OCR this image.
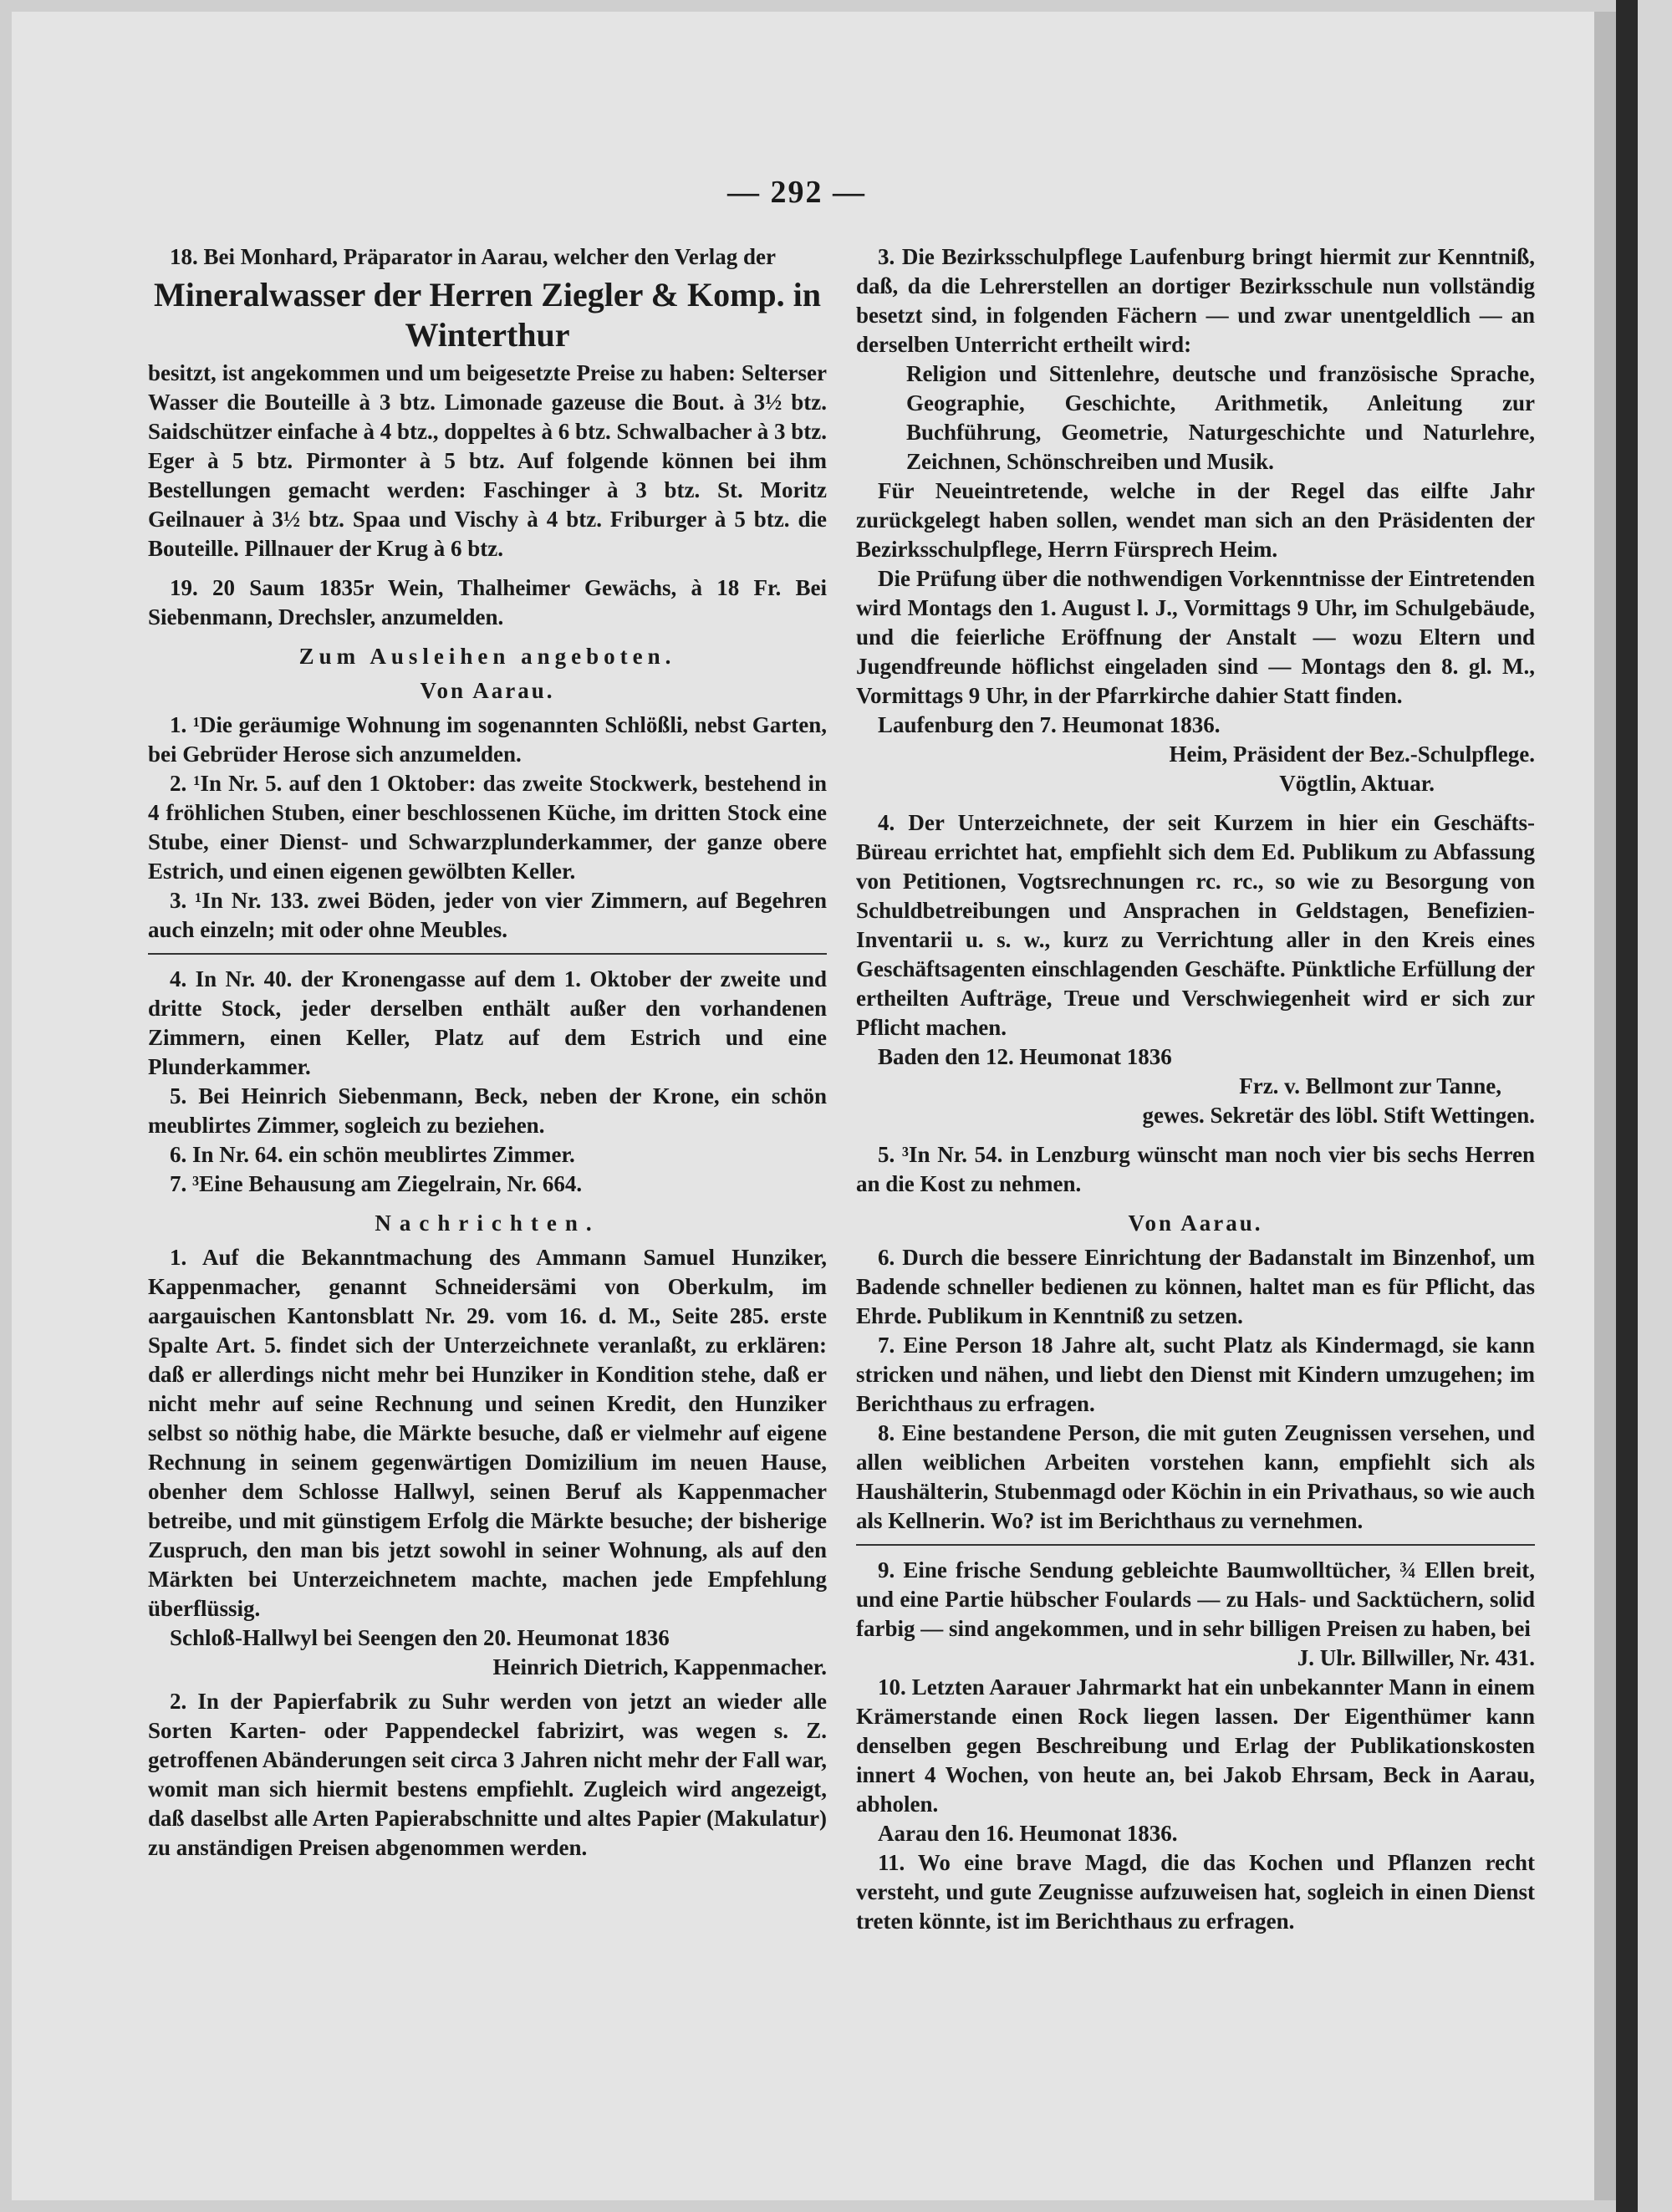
— 292 —

18. Bei Monhard, Präparator in Aarau, welcher den Verlag der

Mineralwasser der Herren Ziegler & Komp. in Winterthur

besitzt, ist angekommen und um beigesetzte Preise zu haben: Selterser Wasser die Bouteille à 3 btz. Limonade gazeuse die Bout. à 3½ btz. Saidschützer einfache à 4 btz., doppeltes à 6 btz. Schwalbacher à 3 btz. Eger à 5 btz. Pirmonter à 5 btz. Auf folgende können bei ihm Bestellungen gemacht werden: Faschinger à 3 btz. St. Moritz Geilnauer à 3½ btz. Spaa und Vischy à 4 btz. Friburger à 5 btz. die Bouteille. Pillnauer der Krug à 6 btz.

19. 20 Saum 1835r Wein, Thalheimer Gewächs, à 18 Fr. Bei Siebenmann, Drechsler, anzumelden.

Zum Ausleihen angeboten.

Von Aarau.

1. ¹Die geräumige Wohnung im sogenannten Schlößli, nebst Garten, bei Gebrüder Herose sich anzumelden.

2. ¹In Nr. 5. auf den 1 Oktober: das zweite Stockwerk, bestehend in 4 fröhlichen Stuben, einer beschlossenen Küche, im dritten Stock eine Stube, einer Dienst- und Schwarzplunderkammer, der ganze obere Estrich, und einen eigenen gewölbten Keller.

3. ¹In Nr. 133. zwei Böden, jeder von vier Zimmern, auf Begehren auch einzeln; mit oder ohne Meubles.

4. In Nr. 40. der Kronengasse auf dem 1. Oktober der zweite und dritte Stock, jeder derselben enthält außer den vorhandenen Zimmern, einen Keller, Platz auf dem Estrich und eine Plunderkammer.

5. Bei Heinrich Siebenmann, Beck, neben der Krone, ein schön meublirtes Zimmer, sogleich zu beziehen.

6. In Nr. 64. ein schön meublirtes Zimmer.

7. ³Eine Behausung am Ziegelrain, Nr. 664.

Nachrichten.

1. Auf die Bekanntmachung des Ammann Samuel Hunziker, Kappenmacher, genannt Schneidersämi von Oberkulm, im aargauischen Kantonsblatt Nr. 29. vom 16. d. M., Seite 285. erste Spalte Art. 5. findet sich der Unterzeichnete veranlaßt, zu erklären: daß er allerdings nicht mehr bei Hunziker in Kondition stehe, daß er nicht mehr auf seine Rechnung und seinen Kredit, den Hunziker selbst so nöthig habe, die Märkte besuche, daß er vielmehr auf eigene Rechnung in seinem gegenwärtigen Domizilium im neuen Hause, obenher dem Schlosse Hallwyl, seinen Beruf als Kappenmacher betreibe, und mit günstigem Erfolg die Märkte besuche; der bisherige Zuspruch, den man bis jetzt sowohl in seiner Wohnung, als auf den Märkten bei Unterzeichnetem machte, machen jede Empfehlung überflüssig.

Schloß-Hallwyl bei Seengen den 20. Heumonat 1836

Heinrich Dietrich, Kappenmacher.

2. In der Papierfabrik zu Suhr werden von jetzt an wieder alle Sorten Karten- oder Pappendeckel fabrizirt, was wegen s. Z. getroffenen Abänderungen seit circa 3 Jahren nicht mehr der Fall war, womit man sich hiermit bestens empfiehlt. Zugleich wird angezeigt, daß daselbst alle Arten Papierabschnitte und altes Papier (Makulatur) zu anständigen Preisen abgenommen werden.

3. Die Bezirksschulpflege Laufenburg bringt hiermit zur Kenntniß, daß, da die Lehrerstellen an dortiger Bezirksschule nun vollständig besetzt sind, in folgenden Fächern — und zwar unentgeldlich — an derselben Unterricht ertheilt wird:

Religion und Sittenlehre, deutsche und französische Sprache, Geographie, Geschichte, Arithmetik, Anleitung zur Buchführung, Geometrie, Naturgeschichte und Naturlehre, Zeichnen, Schönschreiben und Musik.

Für Neueintretende, welche in der Regel das eilfte Jahr zurückgelegt haben sollen, wendet man sich an den Präsidenten der Bezirksschulpflege, Herrn Fürsprech Heim.

Die Prüfung über die nothwendigen Vorkenntnisse der Eintretenden wird Montags den 1. August l. J., Vormittags 9 Uhr, im Schulgebäude, und die feierliche Eröffnung der Anstalt — wozu Eltern und Jugendfreunde höflichst eingeladen sind — Montags den 8. gl. M., Vormittags 9 Uhr, in der Pfarrkirche dahier Statt finden.

Laufenburg den 7. Heumonat 1836.

Heim, Präsident der Bez.-Schulpflege.

Vögtlin, Aktuar.

4. Der Unterzeichnete, der seit Kurzem in hier ein Geschäfts-Büreau errichtet hat, empfiehlt sich dem Ed. Publikum zu Abfassung von Petitionen, Vogtsrechnungen rc. rc., so wie zu Besorgung von Schuldbetreibungen und Ansprachen in Geldstagen, Benefizien-Inventarii u. s. w., kurz zu Verrichtung aller in den Kreis eines Geschäftsagenten einschlagenden Geschäfte. Pünktliche Erfüllung der ertheilten Aufträge, Treue und Verschwiegenheit wird er sich zur Pflicht machen.

Baden den 12. Heumonat 1836

Frz. v. Bellmont zur Tanne,

gewes. Sekretär des löbl. Stift Wettingen.

5. ³In Nr. 54. in Lenzburg wünscht man noch vier bis sechs Herren an die Kost zu nehmen.

Von Aarau.

6. Durch die bessere Einrichtung der Badanstalt im Binzenhof, um Badende schneller bedienen zu können, haltet man es für Pflicht, das Ehrde. Publikum in Kenntniß zu setzen.

7. Eine Person 18 Jahre alt, sucht Platz als Kindermagd, sie kann stricken und nähen, und liebt den Dienst mit Kindern umzugehen; im Berichthaus zu erfragen.

8. Eine bestandene Person, die mit guten Zeugnissen versehen, und allen weiblichen Arbeiten vorstehen kann, empfiehlt sich als Haushälterin, Stubenmagd oder Köchin in ein Privathaus, so wie auch als Kellnerin. Wo? ist im Berichthaus zu vernehmen.

9. Eine frische Sendung gebleichte Baumwolltücher, ¾ Ellen breit, und eine Partie hübscher Foulards — zu Hals- und Sacktüchern, solid farbig — sind angekommen, und in sehr billigen Preisen zu haben, bei

J. Ulr. Billwiller, Nr. 431.

10. Letzten Aarauer Jahrmarkt hat ein unbekannter Mann in einem Krämerstande einen Rock liegen lassen. Der Eigenthümer kann denselben gegen Beschreibung und Erlag der Publikationskosten innert 4 Wochen, von heute an, bei Jakob Ehrsam, Beck in Aarau, abholen.

Aarau den 16. Heumonat 1836.

11. Wo eine brave Magd, die das Kochen und Pflanzen recht versteht, und gute Zeugnisse aufzuweisen hat, sogleich in einen Dienst treten könnte, ist im Berichthaus zu erfragen.
